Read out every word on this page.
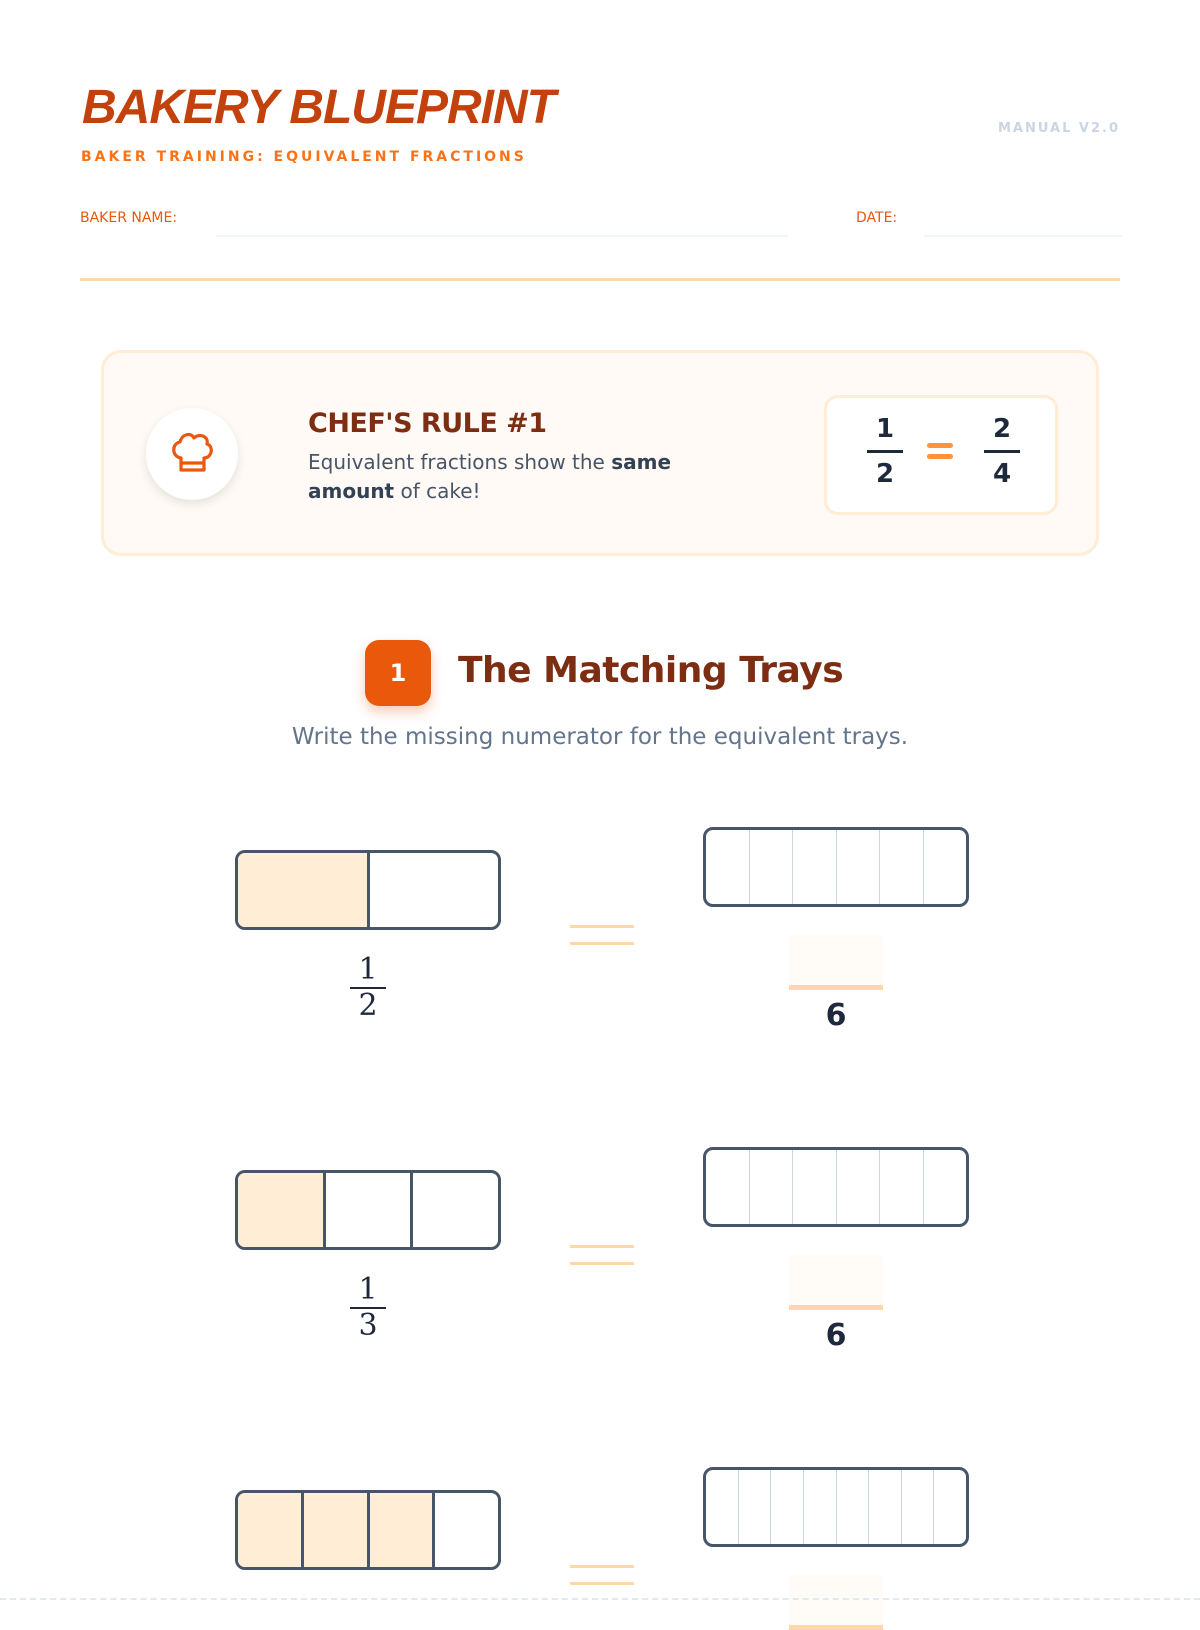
BAKERY BLUEPRINT
BAKER TRAINING: EQUIVALENT FRACTIONS
MANUAL V2.0
BAKER NAME:	DATE:
CHEF'S RULE #1
Equivalent fractions show the same amount of cake!
1
2
2
4
1	The Matching Trays
Write the missing numerator for the equivalent trays.
1
2	6
1
3	6
